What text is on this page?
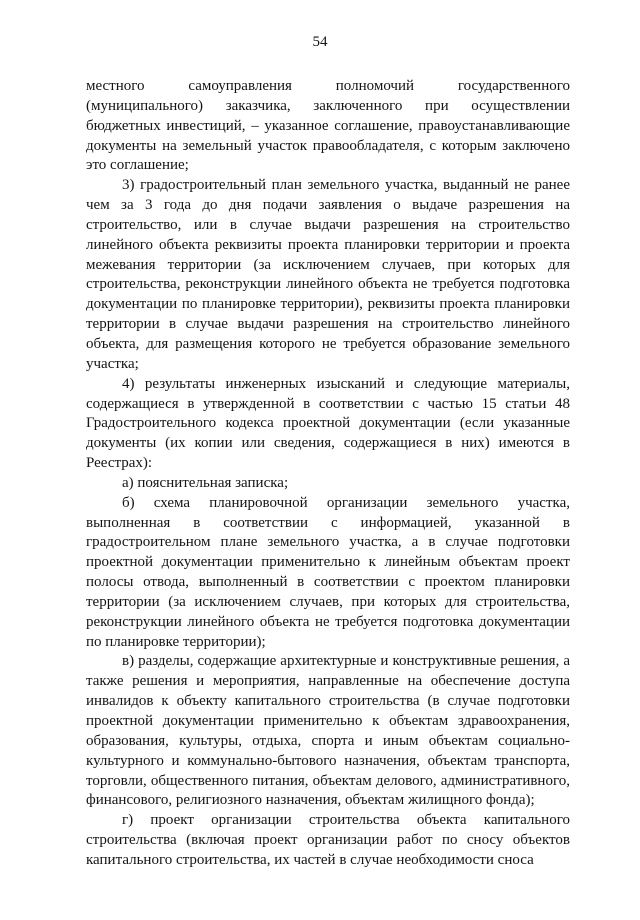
54

местного самоуправления полномочий государственного (муниципального) заказчика, заключенного при осуществлении бюджетных инвестиций, – указанное соглашение, правоустанавливающие документы на земельный участок правообладателя, с которым заключено это соглашение;

3) градостроительный план земельного участка, выданный не ранее чем за 3 года до дня подачи заявления о выдаче разрешения на строительство, или в случае выдачи разрешения на строительство линейного объекта реквизиты проекта планировки территории и проекта межевания территории (за исключением случаев, при которых для строительства, реконструкции линейного объекта не требуется подготовка документации по планировке территории), реквизиты проекта планировки территории в случае выдачи разрешения на строительство линейного объекта, для размещения которого не требуется образование земельного участка;

4) результаты инженерных изысканий и следующие материалы, содержащиеся в утвержденной в соответствии с частью 15 статьи 48 Градостроительного кодекса проектной документации (если указанные документы (их копии или сведения, содержащиеся в них) имеются в Реестрах):

а) пояснительная записка;

б) схема планировочной организации земельного участка, выполненная в соответствии с информацией, указанной в градостроительном плане земельного участка, а в случае подготовки проектной документации применительно к линейным объектам проект полосы отвода, выполненный в соответствии с проектом планировки территории (за исключением случаев, при которых для строительства, реконструкции линейного объекта не требуется подготовка документации по планировке территории);

в) разделы, содержащие архитектурные и конструктивные решения, а также решения и мероприятия, направленные на обеспечение доступа инвалидов к объекту капитального строительства (в случае подготовки проектной документации применительно к объектам здравоохранения, образования, культуры, отдыха, спорта и иным объектам социально-культурного и коммунально-бытового назначения, объектам транспорта, торговли, общественного питания, объектам делового, административного, финансового, религиозного назначения, объектам жилищного фонда);

г) проект организации строительства объекта капитального строительства (включая проект организации работ по сносу объектов капитального строительства, их частей в случае необходимости сноса
